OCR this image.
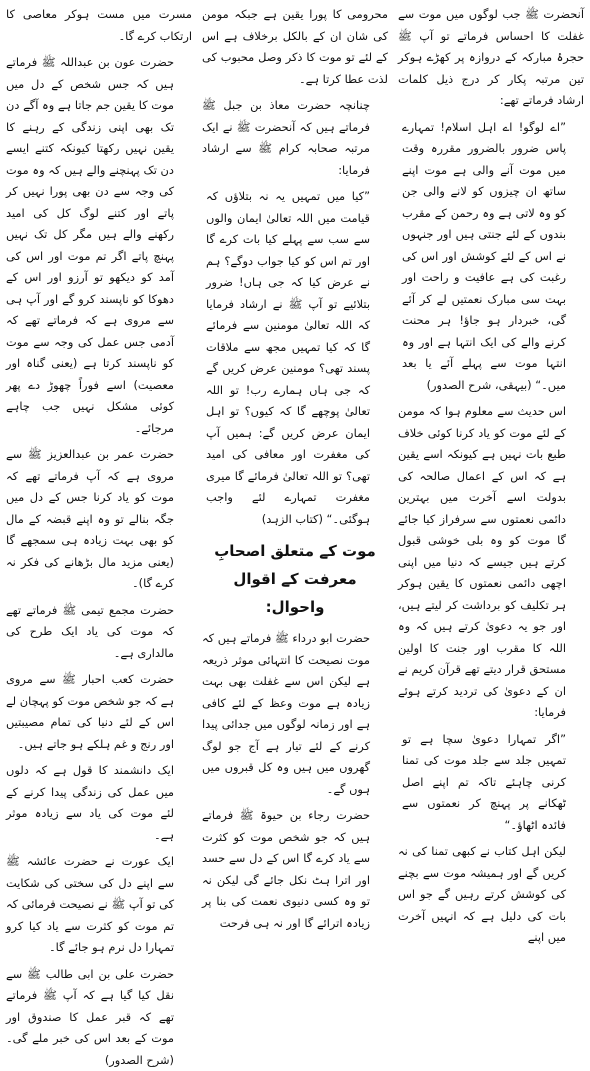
آنحضرت ﷺ جب لوگوں میں موت سے غفلت کا احساس فرماتے تو آپ ﷺ حجرۂ مبارکہ کے دروازہ پر کھڑے ہوکر تین مرتبہ پکار کر درج ذیل کلمات ارشاد فرماتے تھے:
”اے لوگو! اے اہل اسلام! تمہارے پاس ضرور بالضرور مقررہ وقت میں موت آنے والی ہے موت اپنے ساتھ ان چیزوں کو لانے والی جن کو وہ لاتی ہے وہ رحمن کے مقرب بندوں کے لئے جنتی ہیں اور جنہوں نے اس کے لئے کوشش اور اس کی رغبت کی ہے عافیت و راحت اور بہت سی مبارک نعمتیں لے کر آئے گی، خبردار ہو جاؤ! ہر محنت کرنے والے کی ایک انتہا ہے اور وہ انتہا موت سے پہلے آئے یا بعد میں۔“ (بیہقی، شرح الصدور)
اس حدیث سے معلوم ہوا کہ مومن کے لئے موت کو یاد کرنا کوئی خلاف طبع بات نہیں ہے کیونکہ اسے یقین ہے کہ اس کے اعمال صالحہ کی بدولت اسے آخرت میں بہترین دائمی نعمتوں سے سرفراز کیا جائے گا موت کو وہ بلی خوشی قبول کرتے ہیں جیسے کہ دنیا میں اپنی اچھی دائمی نعمتوں کا یقین ہوکر ہر تکلیف کو برداشت کر لیتے ہیں، اور جو یہ دعویٰ کرتے ہیں کہ وہ اللہ کا مقرب اور جنت کا اولین مستحق قرار دیتے تھے قرآن کریم نے ان کے دعویٰ کی تردید کرتے ہوئے فرمایا:
”اگر تمہارا دعویٰ سچا ہے تو تمہیں جلد سے جلد موت کی تمنا کرنی چاہئے تاکہ تم اپنے اصل ٹھکانے پر پہنچ کر نعمتوں سے فائدہ اٹھاؤ۔“
لیکن اہل کتاب نے کبھی تمنا کی نہ کریں گے اور ہمیشہ موت سے بچنے کی کوشش کرتے رہیں گے جو اس بات کی دلیل ہے کہ انہیں آخرت میں اپنے
محرومی کا پورا یقین ہے جبکہ مومن کی شان ان کے بالکل برخلاف ہے اس کے لئے تو موت کا ذکر وصل محبوب کی لذت عطا کرتا ہے۔
چنانچہ حضرت معاذ بن جبل ﷺ فرماتے ہیں کہ آنحضرت ﷺ نے ایک مرتبہ صحابہ کرام ﷺ سے ارشاد فرمایا:
”کیا میں تمہیں یہ نہ بتلاؤں کہ قیامت میں اللہ تعالیٰ ایمان والوں سے سب سے پہلے کیا بات کرے گا اور تم اس کو کیا جواب دوگے؟ ہم نے عرض کیا کہ جی ہاں! ضرور بتلائیے تو آپ ﷺ نے ارشاد فرمایا کہ اللہ تعالیٰ مومنین سے فرمائے گا کہ کیا تمہیں مجھ سے ملاقات پسند تھی؟ مومنین عرض کریں گے کہ جی ہاں ہمارے رب! تو اللہ تعالیٰ پوچھے گا کہ کیوں؟ تو اہل ایمان عرض کریں گے: ہمیں آپ کی مغفرت اور معافی کی امید تھی؟ تو اللہ تعالیٰ فرمائے گا میری مغفرت تمہارے لئے واجب ہوگئی۔“ (کتاب الزہد)
موت کے متعلق اصحابِ معرفت کے اقوال واحوال:
حضرت ابو درداء ﷺ فرماتے ہیں کہ موت نصیحت کا انتہائی موثر ذریعہ ہے لیکن اس سے غفلت بھی بہت زیادہ ہے موت وعظ کے لئے کافی ہے اور زمانہ لوگوں میں جدائی پیدا کرنے کے لئے تیار ہے آج جو لوگ گھروں میں ہیں وہ کل قبروں میں ہوں گے۔
حضرت رجاء بن حیوۃ ﷺ فرماتے ہیں کہ جو شخص موت کو کثرت سے یاد کرے گا اس کے دل سے حسد اور اترا ہٹ نکل جائے گی لیکن نہ تو وہ کسی دنیوی نعمت کی بنا پر زیادہ اترائے گا اور نہ ہی فرحت
مسرت میں مست ہوکر معاصی کا ارتکاب کرے گا۔
حضرت عون بن عبداللہ ﷺ فرماتے ہیں کہ جس شخص کے دل میں موت کا یقین جم جاتا ہے وہ آگے دن تک بھی اپنی زندگی کے رہنے کا یقین نہیں رکھتا کیونکہ کتنے ایسے دن تک پہنچنے والے ہیں کہ وہ موت کی وجہ سے دن بھی پورا نہیں کر پاتے اور کتنے لوگ کل کی امید رکھنے والے ہیں مگر کل تک نہیں پہنچ پاتے اگر تم موت اور اس کی آمد کو دیکھو تو آرزو اور اس کے دھوکا کو ناپسند کرو گے اور آپ ہی سے مروی ہے کہ فرماتے تھے کہ آدمی جس عمل کی وجہ سے موت کو ناپسند کرتا ہے (یعنی گناہ اور معصیت) اسے فوراً چھوڑ دے پھر کوئی مشکل نہیں جب چاہے مرجائے۔
حضرت عمر بن عبدالعزیز ﷺ سے مروی ہے کہ آپ فرماتے تھے کہ موت کو یاد کرنا جس کے دل میں جگہ بنالے تو وہ اپنے قبضہ کے مال کو بھی بہت زیادہ ہی سمجھے گا (یعنی مزید مال بڑھانے کی فکر نہ کرے گا)۔
حضرت مجمع تیمی ﷺ فرماتے تھے کہ موت کی یاد ایک طرح کی مالداری ہے۔
حضرت کعب احبار ﷺ سے مروی ہے کہ جو شخص موت کو پہچان لے اس کے لئے دنیا کی تمام مصیبتیں اور رنج و غم ہلکے ہو جاتے ہیں۔
ایک دانشمند کا قول ہے کہ دلوں میں عمل کی زندگی پیدا کرنے کے لئے موت کی یاد سے زیادہ موثر ہے۔
ایک عورت نے حضرت عائشہ ﷺ سے اپنے دل کی سختی کی شکایت کی تو آپ ﷺ نے نصیحت فرمائی کہ تم موت کو کثرت سے یاد کیا کرو تمہارا دل نرم ہو جائے گا۔
حضرت علی بن ابی طالب ﷺ سے نقل کیا گیا ہے کہ آپ ﷺ فرماتے تھے کہ قبر عمل کا صندوق اور موت کے بعد اس کی خبر ملے گی۔ (شرح الصدور)
